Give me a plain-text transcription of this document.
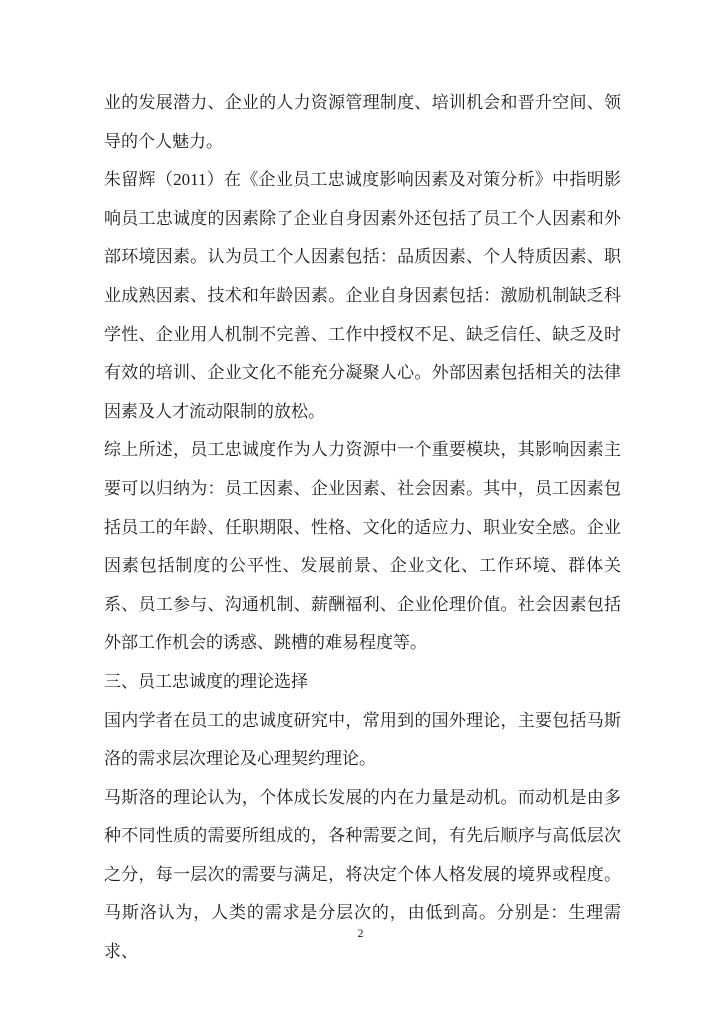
业的发展潜力、企业的人力资源管理制度、培训机会和晋升空间、领导的个人魅力。

朱留辉（2011）在《企业员工忠诚度影响因素及对策分析》中指明影响员工忠诚度的因素除了企业自身因素外还包括了员工个人因素和外部环境因素。认为员工个人因素包括：品质因素、个人特质因素、职业成熟因素、技术和年龄因素。企业自身因素包括：激励机制缺乏科学性、企业用人机制不完善、工作中授权不足、缺乏信任、缺乏及时有效的培训、企业文化不能充分凝聚人心。外部因素包括相关的法律因素及人才流动限制的放松。

综上所述，员工忠诚度作为人力资源中一个重要模块，其影响因素主要可以归纳为：员工因素、企业因素、社会因素。其中，员工因素包括员工的年龄、任职期限、性格、文化的适应力、职业安全感。企业因素包括制度的公平性、发展前景、企业文化、工作环境、群体关系、员工参与、沟通机制、薪酬福利、企业伦理价值。社会因素包括外部工作机会的诱惑、跳槽的难易程度等。

三、员工忠诚度的理论选择

国内学者在员工的忠诚度研究中，常用到的国外理论，主要包括马斯洛的需求层次理论及心理契约理论。

马斯洛的理论认为，个体成长发展的内在力量是动机。而动机是由多种不同性质的需要所组成的，各种需要之间，有先后顺序与高低层次之分，每一层次的需要与满足，将决定个体人格发展的境界或程度。马斯洛认为，人类的需求是分层次的，由低到高。分别是：生理需求、

2
